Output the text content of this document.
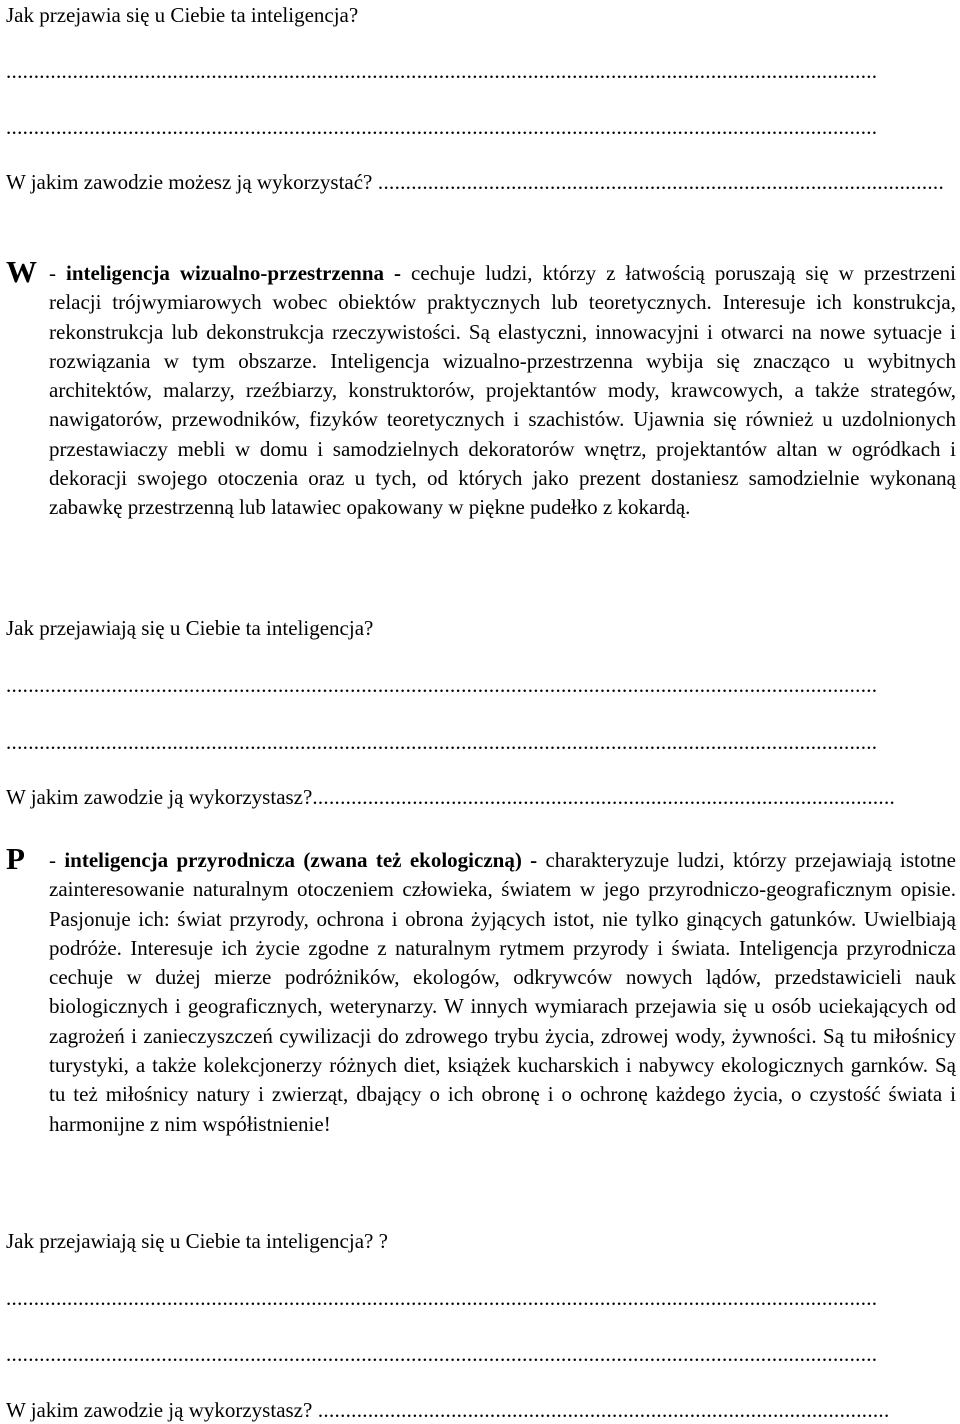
Jak przejawia się u Ciebie ta inteligencja?
.............................................................................................................................................................
.............................................................................................................................................................
W jakim zawodzie możesz ją wykorzystać? ......................................................................................................
W - inteligencja wizualno-przestrzenna - cechuje ludzi, którzy z łatwością poruszają się w przestrzeni relacji trójwymiarowych wobec obiektów praktycznych lub teoretycznych. Interesuje ich konstrukcja, rekonstrukcja lub dekonstrukcja rzeczywistości. Są elastyczni, innowacyjni i otwarci na nowe sytuacje i rozwiązania w tym obszarze. Inteligencja wizualno-przestrzenna wybija się znacząco u wybitnych architektów, malarzy, rzeźbiarzy, konstruktorów, projektantów mody, krawcowych, a także strategów, nawigatorów, przewodników, fizyków teoretycznych i szachistów. Ujawnia się również u uzdolnionych przestawiaczy mebli w domu i samodzielnych dekoratorów wnętrz, projektantów altan w ogródkach i dekoracji swojego otoczenia oraz u tych, od których jako prezent dostaniesz samodzielnie wykonaną zabawkę przestrzenną lub latawiec opakowany w piękne pudełko z kokardą.
Jak przejawiają się u Ciebie ta inteligencja?
.............................................................................................................................................................
.............................................................................................................................................................
W jakim zawodzie ją wykorzystasz?.........................................................................................................
P - inteligencja przyrodnicza (zwana też ekologiczną) - charakteryzuje ludzi, którzy przejawiają istotne zainteresowanie naturalnym otoczeniem człowieka, światem w jego przyrodniczo-geograficznym opisie. Pasjonuje ich: świat przyrody, ochrona i obrona żyjących istot, nie tylko ginących gatunków. Uwielbiają podróże. Interesuje ich życie zgodne z naturalnym rytmem przyrody i świata. Inteligencja przyrodnicza cechuje w dużej mierze podróżników, ekologów, odkrywców nowych lądów, przedstawicieli nauk biologicznych i geograficznych, weterynarzy. W innych wymiarach przejawia się u osób uciekających od zagrożeń i zanieczyszczeń cywilizacji do zdrowego trybu życia, zdrowej wody, żywności. Są tu miłośnicy turystyki, a także kolekcjonerzy różnych diet, książek kucharskich i nabywcy ekologicznych garnków. Są tu też miłośnicy natury i zwierząt, dbający o ich obronę i o ochronę każdego życia, o czystość świata i harmonijne z nim współistnienie!
Jak przejawiają się u Ciebie ta inteligencja? ?
.............................................................................................................................................................
.............................................................................................................................................................
W jakim zawodzie ją wykorzystasz? .......................................................................................................
